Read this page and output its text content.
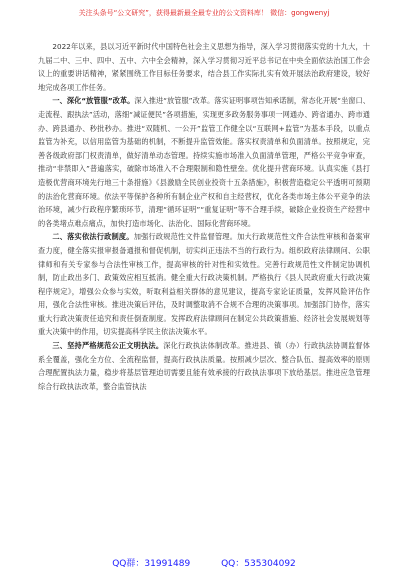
关注头条号“公文研究”，获得最新最全最专业的公文资料库！ 微信：gongwenyj

2022年以来，县以习近平新时代中国特色社会主义思想为指导，深入学习贯彻落实党的十九大，十九届二中、三中、四中、五中、六中全会精神，深入学习贯彻习近平总书记在中央全面依法治国工作会议上的重要讲话精神，紧紧围绕工作目标任务要求，结合县工作实际扎实有效开展法治政府建设，较好地完成各项工作任务。

一、深化“放管服”改革。深入推进“放管服”改革。落实证明事项告知承诺制，常态化开展“坐窗口、走流程、跟执法”活动，落细“减证便民”各项措施，实现更多政务服务事项一网通办、跨省通办、跨市通办、跨县通办、秒批秒办。推进“双随机、一公开”监管工作健全以“互联网+监管”为基本手段，以重点监管为补充，以信用监管为基础的机制，不断提升监管效能。落实权责清单和负面清单。按照规定，完善各级政府部门权责清单，做好清单动态管理。持续实施市场准入负面清单管理，严格公平竞争审查，推动“非禁即入”普遍落实，破除市场准入不合理限制和隐性壁垒。优化提升营商环境。认真实施《县打造极优营商环境先行地三十条措施》《县激励全民创业投资十五条措施》，积极营造稳定公平透明可预期的法治化营商环境。依法平等保护各种所有制企业产权和自主经营权，优化各类市场主体公平竞争的法治环境，减少行政程序繁琐环节，清理“循环证明”“重复证明”等不合理手续，破除企业投资生产经营中的各类堵点难点痛点，加快打造市场化、法治化、国际化营商环境。

二、落实依法行政制度。加强行政规范性文件监督管理。加大行政规范性文件合法性审核和备案审查力度，健全落实报审报备通报和督促机制，切实纠正违法不当的行政行为。组织政府法律顾问、公职律师和有关专家参与合法性审核工作，提高审核的针对性和实效性。完善行政规范性文件制定协调机制，防止政出多门、政策效应相互抵消。健全重大行政决策机制。严格执行《县人民政府重大行政决策程序规定》，增强公众参与实效，听取利益相关群体的意见建议，提高专家论证质量，发挥风险评估作用，强化合法性审核。推进决策后评估，及时调整取消不合规不合理的决策事项。加强部门协作，落实重大行政决策责任追究和责任倒查制度。发挥政府法律顾问在制定公共政策措施、经济社会发展规划等重大决策中的作用，切实提高科学民主依法决策水平。

三、坚持严格规范公正文明执法。深化行政执法体制改革。推进县、镇（办）行政执法协调监督体系全覆盖，强化全方位、全流程监督，提高行政执法质量。按照减少层次、整合队伍、提高效率的原则合理配置执法力量，稳步将基层管理迫切需要且能有效承接的行政执法事项下放给基层。推进应急管理综合行政执法改革，整合监管执法

QQ群：31991489	QQ：535304092
